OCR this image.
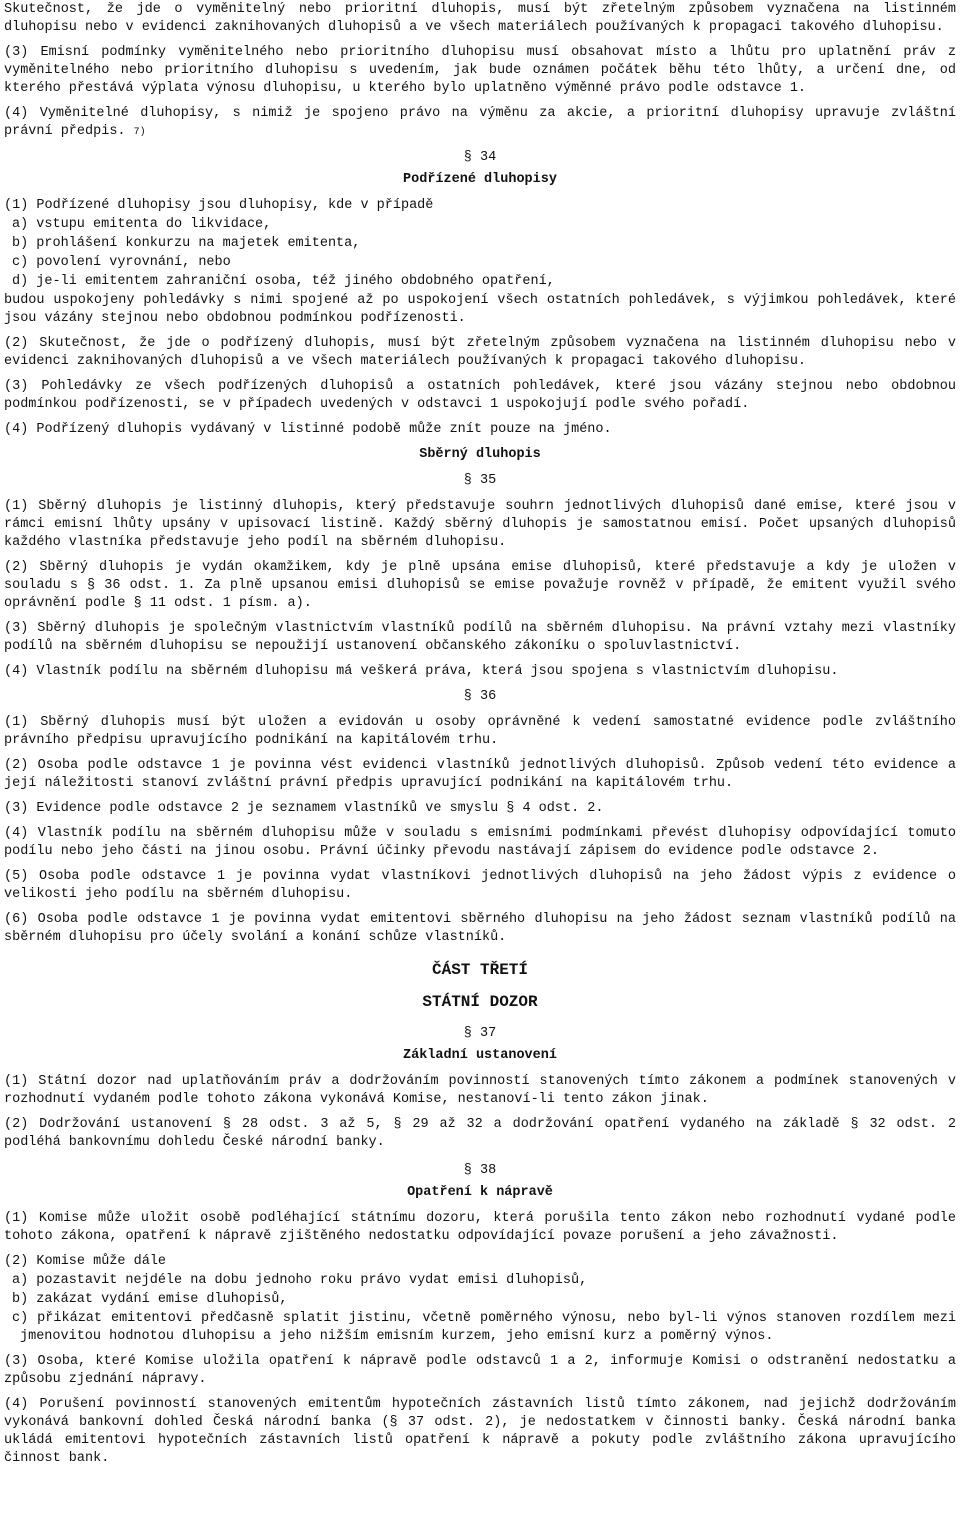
Skutečnost, že jde o vyměnitelný nebo prioritní dluhopis, musí být zřetelným způsobem vyznačena na listinném dluhopisu nebo v evidenci zaknihovaných dluhopisů a ve všech materiálech používaných k propagaci takového dluhopisu.

(3) Emisní podmínky vyměnitelného nebo prioritního dluhopisu musí obsahovat místo a lhůtu pro uplatnění práv z vyměnitelného nebo prioritního dluhopisu s uvedením, jak bude oznámen počátek běhu této lhůty, a určení dne, od kterého přestává výplata výnosu dluhopisu, u kterého bylo uplatněno výměnné právo podle odstavce 1.

(4) Vyměnitelné dluhopisy, s nimiž je spojeno právo na výměnu za akcie, a prioritní dluhopisy upravuje zvláštní právní předpis. 7)

§ 34
Podřízené dluhopisy

(1) Podřízené dluhopisy jsou dluhopisy, kde v případě

a) vstupu emitenta do likvidace,
b) prohlášení konkurzu na majetek emitenta,
c) povolení vyrovnání, nebo
d) je-li emitentem zahraniční osoba, též jiného obdobného opatření,

budou uspokojeny pohledávky s nimi spojené až po uspokojení všech ostatních pohledávek, s výjimkou pohledávek, které jsou vázány stejnou nebo obdobnou podmínkou podřízenosti.

(2) Skutečnost, že jde o podřízený dluhopis, musí být zřetelným způsobem vyznačena na listinném dluhopisu nebo v evidenci zaknihovaných dluhopisů a ve všech materiálech používaných k propagaci takového dluhopisu.

(3) Pohledávky ze všech podřízených dluhopisů a ostatních pohledávek, které jsou vázány stejnou nebo obdobnou podmínkou podřízenosti, se v případech uvedených v odstavci 1 uspokojují podle svého pořadí.

(4) Podřízený dluhopis vydávaný v listinné podobě může znít pouze na jméno.

Sběrný dluhopis
§ 35

(1) Sběrný dluhopis je listinný dluhopis, který představuje souhrn jednotlivých dluhopisů dané emise, které jsou v rámci emisní lhůty upsány v upisovací listině. Každý sběrný dluhopis je samostatnou emisí. Počet upsaných dluhopisů každého vlastníka představuje jeho podíl na sběrném dluhopisu.

(2) Sběrný dluhopis je vydán okamžikem, kdy je plně upsána emise dluhopisů, které představuje a kdy je uložen v souladu s § 36 odst. 1. Za plně upsanou emisi dluhopisů se emise považuje rovněž v případě, že emitent využil svého oprávnění podle § 11 odst. 1 písm. a).

(3) Sběrný dluhopis je společným vlastnictvím vlastníků podílů na sběrném dluhopisu. Na právní vztahy mezi vlastníky podílů na sběrném dluhopisu se nepoužijí ustanovení občanského zákoníku o spoluvlastnictví.

(4) Vlastník podílu na sběrném dluhopisu má veškerá práva, která jsou spojena s vlastnictvím dluhopisu.

§ 36

(1) Sběrný dluhopis musí být uložen a evidován u osoby oprávněné k vedení samostatné evidence podle zvláštního právního předpisu upravujícího podnikání na kapitálovém trhu.

(2) Osoba podle odstavce 1 je povinna vést evidenci vlastníků jednotlivých dluhopisů. Způsob vedení této evidence a její náležitosti stanoví zvláštní právní předpis upravující podnikání na kapitálovém trhu.

(3) Evidence podle odstavce 2 je seznamem vlastníků ve smyslu § 4 odst. 2.

(4) Vlastník podílu na sběrném dluhopisu může v souladu s emisními podmínkami převést dluhopisy odpovídající tomuto podílu nebo jeho části na jinou osobu. Právní účinky převodu nastávají zápisem do evidence podle odstavce 2.

(5) Osoba podle odstavce 1 je povinna vydat vlastníkovi jednotlivých dluhopisů na jeho žádost výpis z evidence o velikosti jeho podílu na sběrném dluhopisu.

(6) Osoba podle odstavce 1 je povinna vydat emitentovi sběrného dluhopisu na jeho žádost seznam vlastníků podílů na sběrném dluhopisu pro účely svolání a konání schůze vlastníků.

ČÁST TŘETÍ
STÁTNÍ DOZOR
§ 37
Základní ustanovení

(1) Státní dozor nad uplatňováním práv a dodržováním povinností stanovených tímto zákonem a podmínek stanovených v rozhodnutí vydaném podle tohoto zákona vykonává Komise, nestanoví-li tento zákon jinak.

(2) Dodržování ustanovení § 28 odst. 3 až 5, § 29 až 32 a dodržování opatření vydaného na základě § 32 odst. 2 podléhá bankovnímu dohledu České národní banky.

§ 38
Opatření k nápravě

(1) Komise může uložit osobě podléhající státnímu dozoru, která porušila tento zákon nebo rozhodnutí vydané podle tohoto zákona, opatření k nápravě zjištěného nedostatku odpovídající povaze porušení a jeho závažnosti.

(2) Komise může dále

a) pozastavit nejdéle na dobu jednoho roku právo vydat emisi dluhopisů,
b) zakázat vydání emise dluhopisů,
c) přikázat emitentovi předčasně splatit jistinu, včetně poměrného výnosu, nebo byl-li výnos stanoven rozdílem mezi jmenovitou hodnotou dluhopisu a jeho nižším emisním kurzem, jeho emisní kurz a poměrný výnos.

(3) Osoba, které Komise uložila opatření k nápravě podle odstavců 1 a 2, informuje Komisi o odstranění nedostatku a způsobu zjednání nápravy.

(4) Porušení povinností stanovených emitentům hypotečních zástavních listů tímto zákonem, nad jejichž dodržováním vykonává bankovní dohled Česká národní banka (§ 37 odst. 2), je nedostatkem v činnosti banky. Česká národní banka ukládá emitentovi hypotečních zástavních listů opatření k nápravě a pokuty podle zvláštního zákona upravujícího činnost bank.
